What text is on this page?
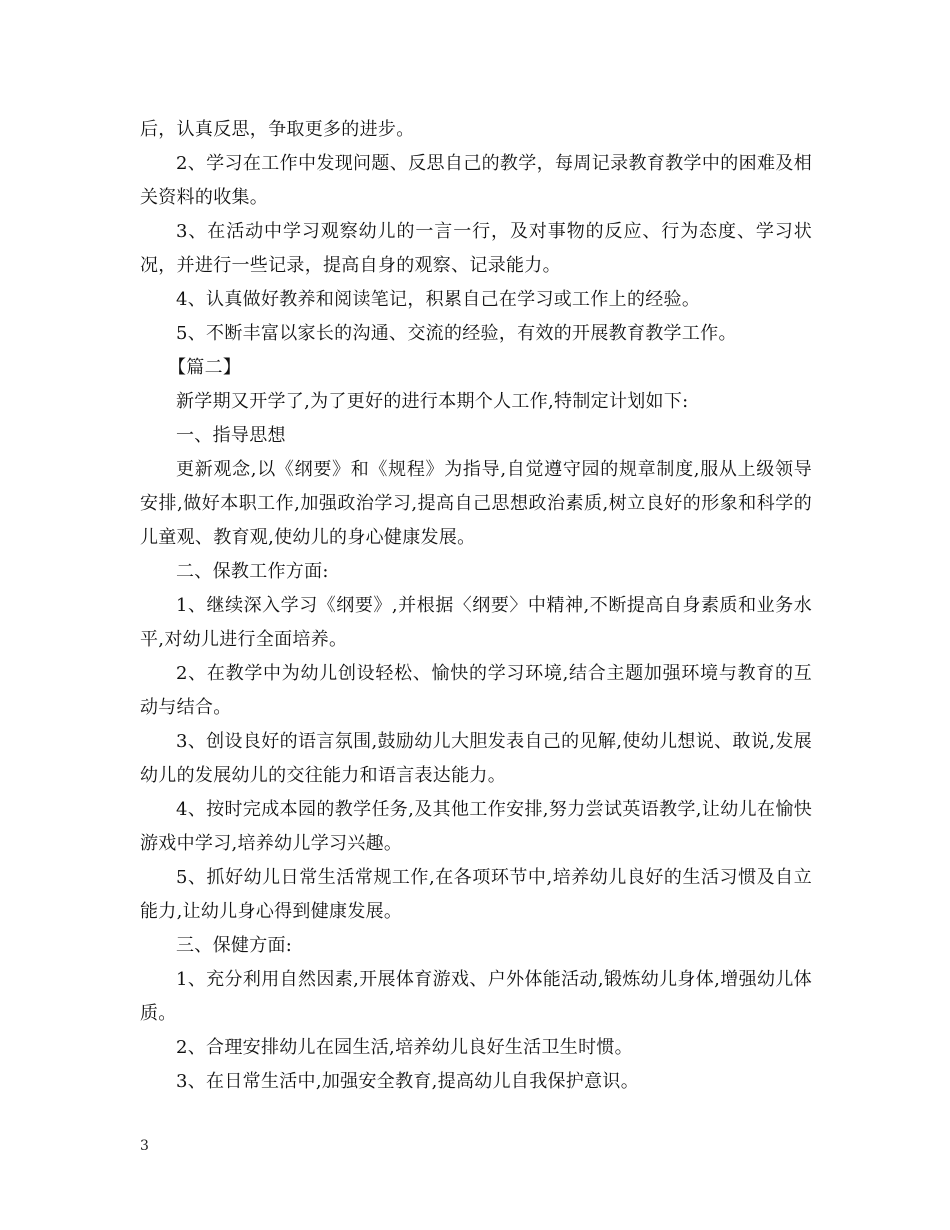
后，认真反思，争取更多的进步。

2、学习在工作中发现问题、反思自己的教学，每周记录教育教学中的困难及相关资料的收集。

3、在活动中学习观察幼儿的一言一行，及对事物的反应、行为态度、学习状况，并进行一些记录，提高自身的观察、记录能力。

4、认真做好教养和阅读笔记，积累自己在学习或工作上的经验。

5、不断丰富以家长的沟通、交流的经验，有效的开展教育教学工作。

【篇二】

新学期又开学了,为了更好的进行本期个人工作,特制定计划如下:

一、指导思想

更新观念,以《纲要》和《规程》为指导,自觉遵守园的规章制度,服从上级领导安排,做好本职工作,加强政治学习,提高自己思想政治素质,树立良好的形象和科学的儿童观、教育观,使幼儿的身心健康发展。

二、保教工作方面:

1、继续深入学习《纲要》,并根据〈纲要〉中精神,不断提高自身素质和业务水平,对幼儿进行全面培养。

2、在教学中为幼儿创设轻松、愉快的学习环境,结合主题加强环境与教育的互动与结合。

3、创设良好的语言氛围,鼓励幼儿大胆发表自己的见解,使幼儿想说、敢说,发展幼儿的发展幼儿的交往能力和语言表达能力。

4、按时完成本园的教学任务,及其他工作安排,努力尝试英语教学,让幼儿在愉快游戏中学习,培养幼儿学习兴趣。

5、抓好幼儿日常生活常规工作,在各项环节中,培养幼儿良好的生活习惯及自立能力,让幼儿身心得到健康发展。

三、保健方面:

1、充分利用自然因素,开展体育游戏、户外体能活动,锻炼幼儿身体,增强幼儿体质。

2、合理安排幼儿在园生活,培养幼儿良好生活卫生时惯。

3、在日常生活中,加强安全教育,提高幼儿自我保护意识。

3
